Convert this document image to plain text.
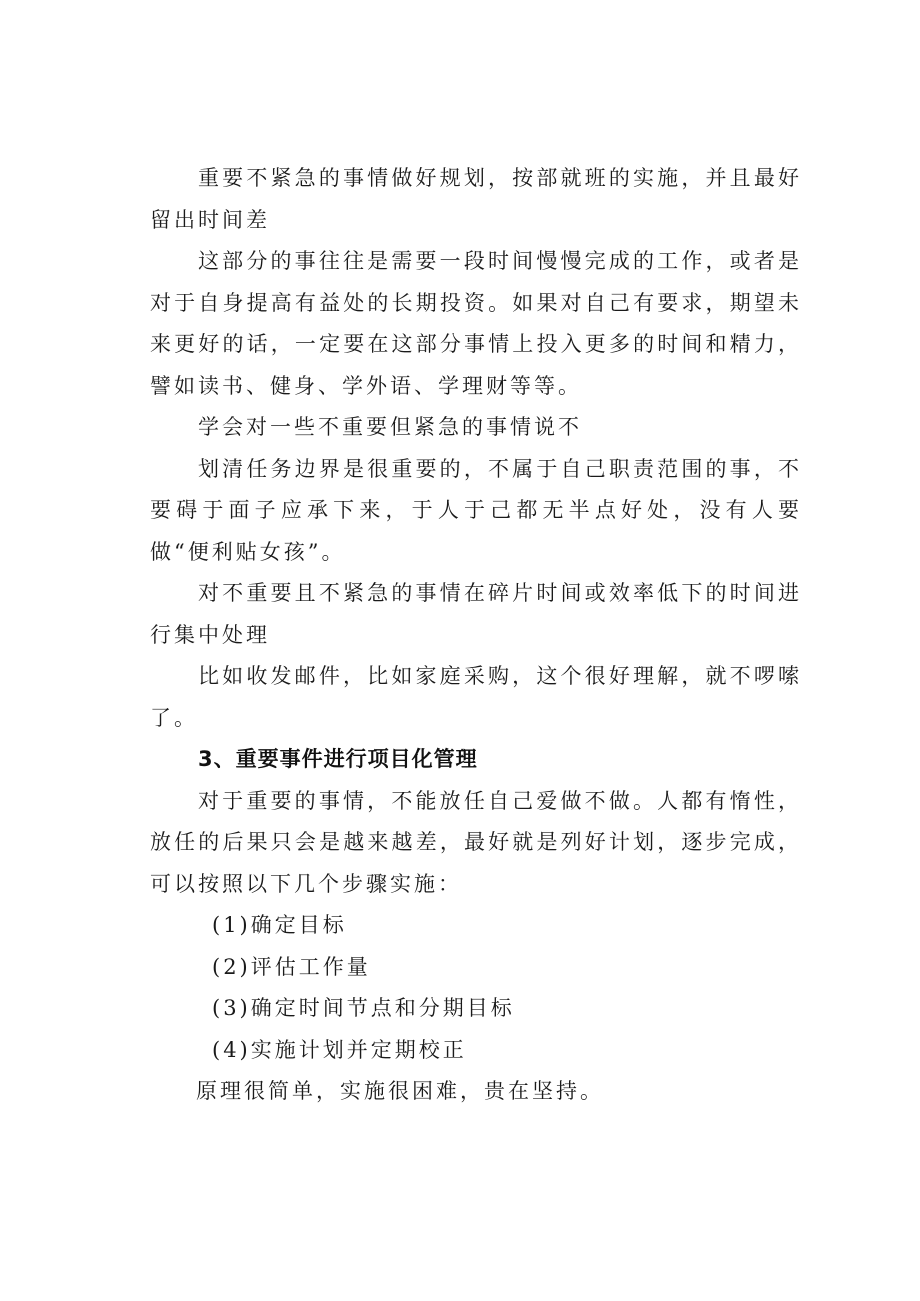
重要不紧急的事情做好规划，按部就班的实施，并且最好留出时间差

这部分的事往往是需要一段时间慢慢完成的工作，或者是对于自身提高有益处的长期投资。如果对自己有要求，期望未来更好的话，一定要在这部分事情上投入更多的时间和精力，譬如读书、健身、学外语、学理财等等。

学会对一些不重要但紧急的事情说不

划清任务边界是很重要的，不属于自己职责范围的事，不要碍于面子应承下来，于人于己都无半点好处，没有人要做“便利贴女孩”。

对不重要且不紧急的事情在碎片时间或效率低下的时间进行集中处理

比如收发邮件，比如家庭采购，这个很好理解，就不啰嗦了。

3、重要事件进行项目化管理

对于重要的事情，不能放任自己爱做不做。人都有惰性，放任的后果只会是越来越差，最好就是列好计划，逐步完成，可以按照以下几个步骤实施：

(1)确定目标

(2)评估工作量

(3)确定时间节点和分期目标

(4)实施计划并定期校正

原理很简单，实施很困难，贵在坚持。
